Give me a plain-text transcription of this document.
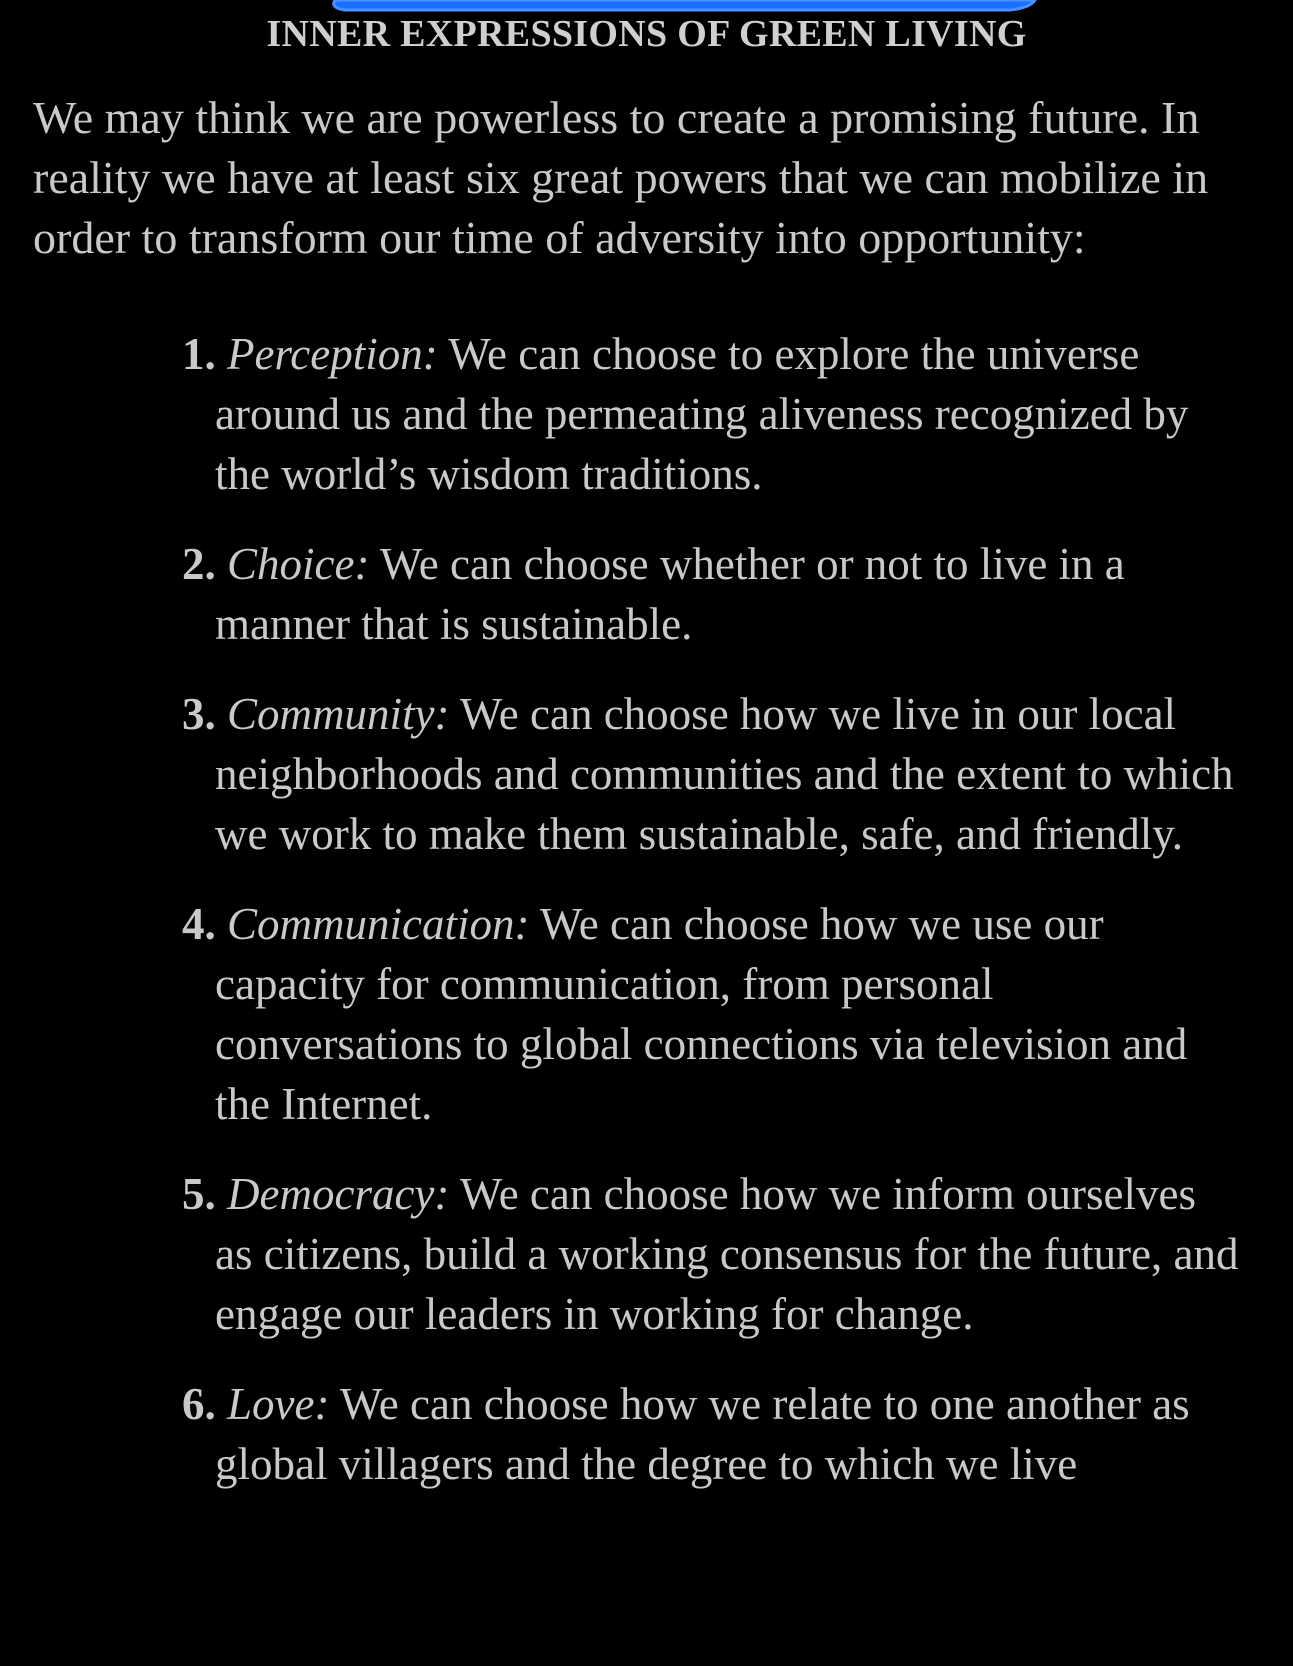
INNER EXPRESSIONS OF GREEN LIVING

We may think we are powerless to create a promising future. In reality we have at least six great powers that we can mobilize in order to transform our time of adversity into opportunity:

1. Perception: We can choose to explore the universe around us and the permeating aliveness recognized by the world’s wisdom traditions.
2. Choice: We can choose whether or not to live in a manner that is sustainable.
3. Community: We can choose how we live in our local neighborhoods and communities and the extent to which we work to make them sustainable, safe, and friendly.
4. Communication: We can choose how we use our capacity for communication, from personal conversations to global connections via television and the Internet.
5. Democracy: We can choose how we inform ourselves as citizens, build a working consensus for the future, and engage our leaders in working for change.
6. Love: We can choose how we relate to one another as global villagers and the degree to which we live
